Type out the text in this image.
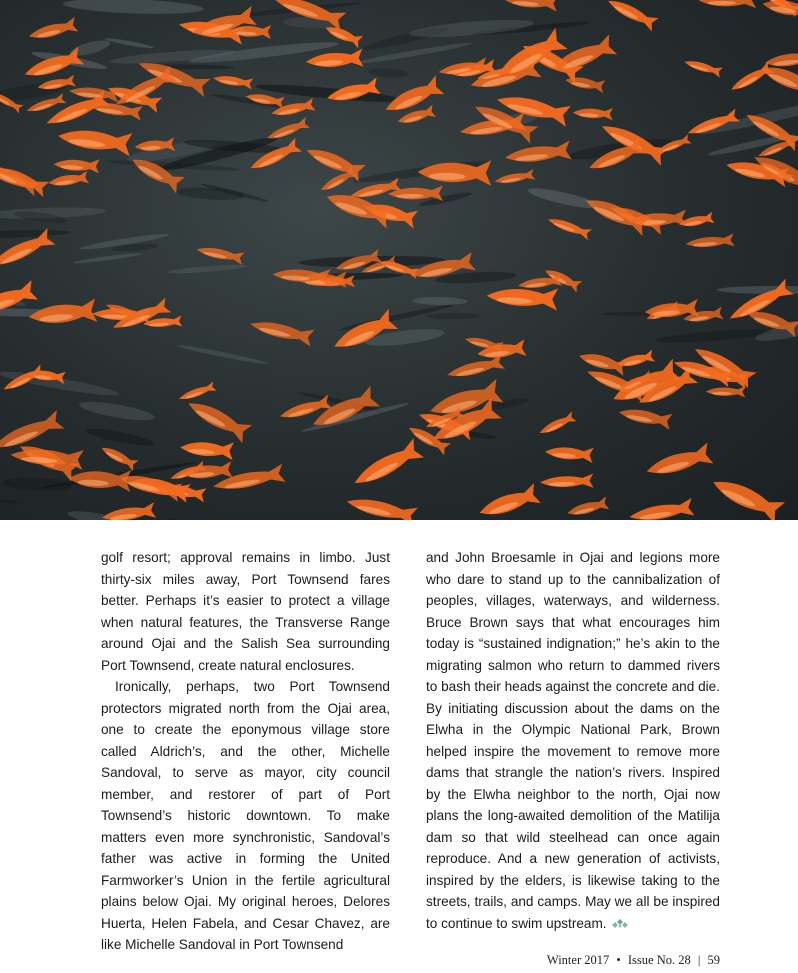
golf resort; approval remains in limbo. Just thirty-six miles away, Port Townsend fares better. Perhaps it’s easier to protect a village when natural features, the Transverse Range around Ojai and the Salish Sea surrounding Port Townsend, create natural enclosures.

Ironically, perhaps, two Port Townsend protectors migrated north from the Ojai area, one to create the eponymous village store called Aldrich’s, and the other, Michelle Sandoval, to serve as mayor, city council member, and restorer of part of Port Townsend’s historic downtown. To make matters even more synchronistic, Sandoval’s father was active in forming the United Farmworker’s Union in the fertile agricultural plains below Ojai. My original heroes, Delores Huerta, Helen Fabela, and Cesar Chavez, are like Michelle Sandoval in Port Townsend

and John Broesamle in Ojai and legions more who dare to stand up to the cannibalization of peoples, villages, waterways, and wilderness. Bruce Brown says that what encourages him today is “sustained indignation;” he’s akin to the migrating salmon who return to dammed rivers to bash their heads against the concrete and die. By initiating discussion about the dams on the Elwha in the Olympic National Park, Brown helped inspire the movement to remove more dams that strangle the nation’s rivers. Inspired by the Elwha neighbor to the north, Ojai now plans the long-awaited demolition of the Matilija dam so that wild steelhead can once again reproduce. And a new generation of activists, inspired by the elders, is likewise taking to the streets, trails, and camps. May we all be inspired to continue to swim upstream.

Winter 2017 • Issue No. 28 | 59
